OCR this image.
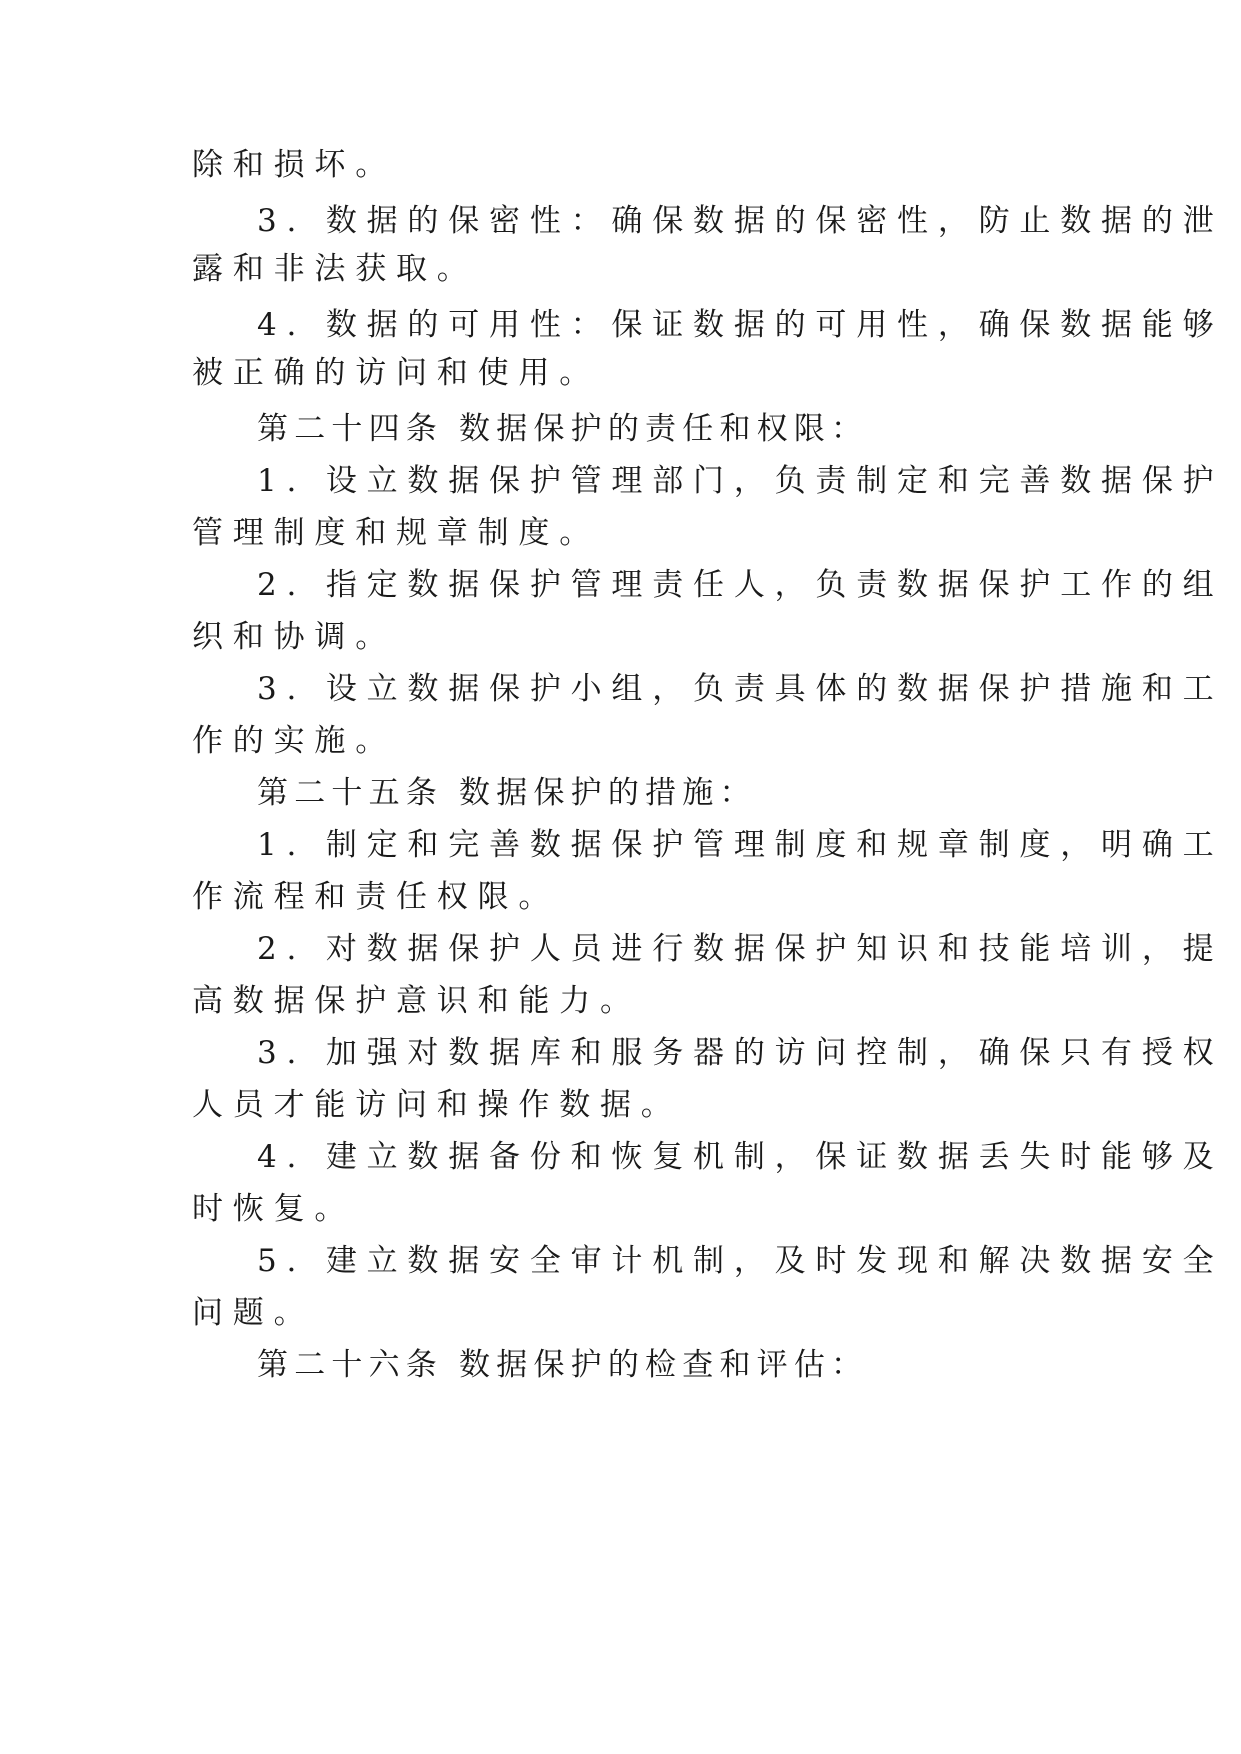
除和损坏。
3. 数据的保密性：确保数据的保密性，防止数据的泄
露和非法获取。
4. 数据的可用性：保证数据的可用性，确保数据能够
被正确的访问和使用。
第二十四条 数据保护的责任和权限：
1. 设立数据保护管理部门，负责制定和完善数据保护
管理制度和规章制度。
2. 指定数据保护管理责任人，负责数据保护工作的组
织和协调。
3. 设立数据保护小组，负责具体的数据保护措施和工
作的实施。
第二十五条 数据保护的措施：
1. 制定和完善数据保护管理制度和规章制度，明确工
作流程和责任权限。
2. 对数据保护人员进行数据保护知识和技能培训，提
高数据保护意识和能力。
3. 加强对数据库和服务器的访问控制，确保只有授权
人员才能访问和操作数据。
4. 建立数据备份和恢复机制，保证数据丢失时能够及
时恢复。
5. 建立数据安全审计机制，及时发现和解决数据安全
问题。
第二十六条 数据保护的检查和评估：
